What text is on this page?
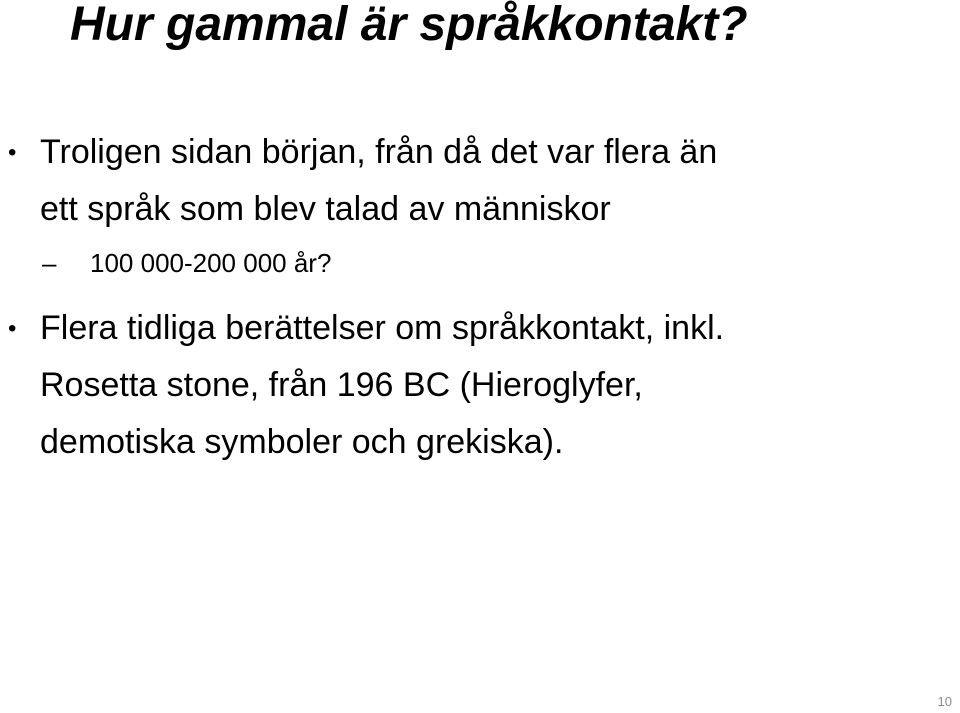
Hur gammal är språkkontakt?
• Troligen sidan början, från då det var flera än
ett språk som blev talad av människor
– 100 000-200 000 år?
• Flera tidliga berättelser om språkkontakt, inkl.
Rosetta stone, från 196 BC (Hieroglyfer,
demotiska symboler och grekiska).
10
